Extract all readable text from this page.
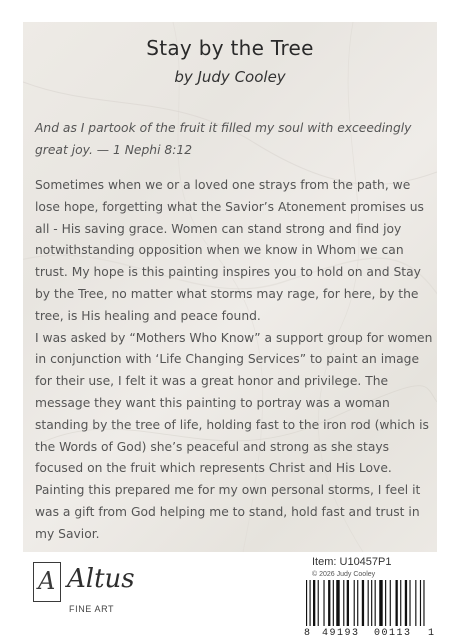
Stay by the Tree
by Judy Cooley
And as I partook of the fruit it filled my soul with exceedingly great joy. — 1 Nephi 8:12

Sometimes when we or a loved one strays from the path, we lose hope, forgetting what the Savior’s Atonement promises us all - His saving grace. Women can stand strong and find joy notwithstanding opposition when we know in Whom we can trust. My hope is this painting inspires you to hold on and Stay by the Tree, no matter what storms may rage, for here, by the tree, is His healing and peace found.

I was asked by “Mothers Who Know” a support group for women in conjunction with ‘Life Changing Services” to paint an image for their use, I felt it was a great honor and privilege. The message they want this painting to portray was a woman standing by the tree of life, holding fast to the iron rod (which is the Words of God) she’s peaceful and strong as she stays focused on the fruit which represents Christ and His Love. Painting this prepared me for my own personal storms, I feel it was a gift from God helping me to stand, hold fast and trust in my Savior.

A Altus
FINE ART
Item: U10457P1
© 2026 Judy Cooley
8 49193 00113 1
